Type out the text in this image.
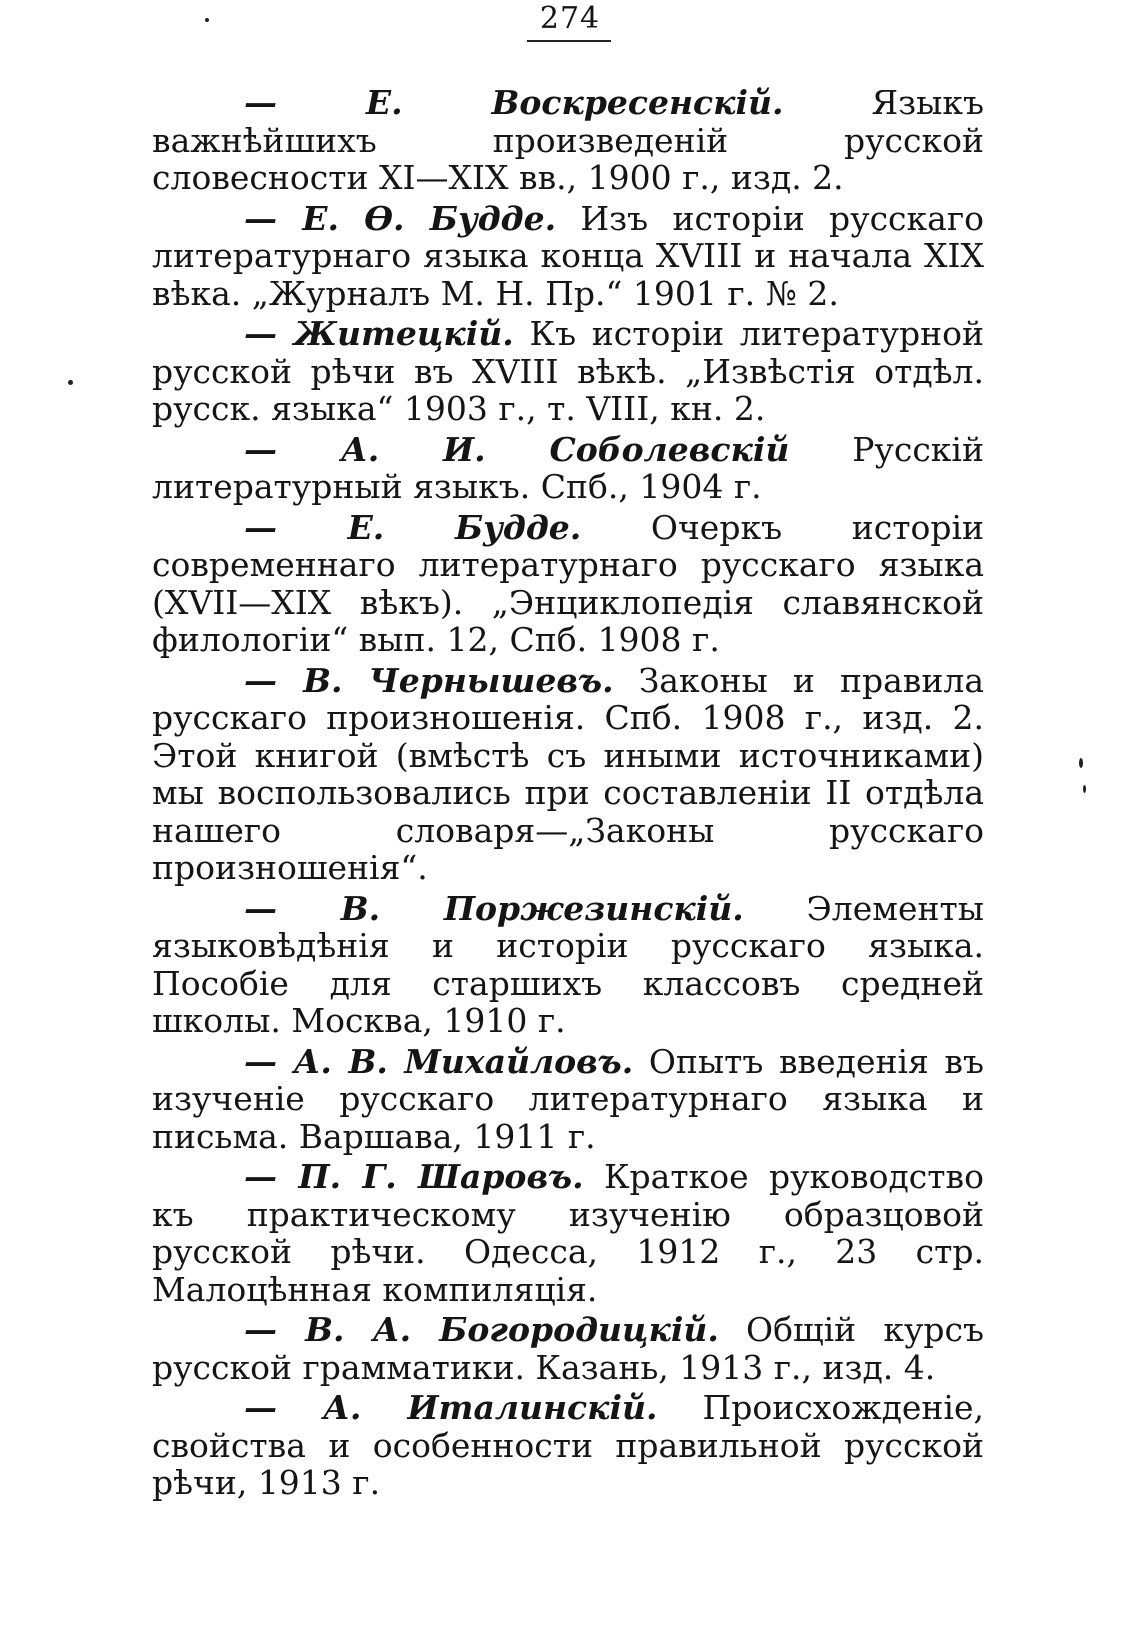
274

— Е. Воскресенскій.	Языкъ важнѣйшихъ произведеній русской словесности XI—XIX вв., 1900 г., изд. 2.

— Е. Ѳ. Будде. Изъ исторіи русскаго литературнаго языка конца XVIII и начала XIX вѣка. „Журналъ М. Н. Пр.“ 1901 г. № 2.

— Житецкій. Къ исторіи литературной русской рѣчи въ XVIII вѣкѣ. „Извѣстія отдѣл. русск. языка“ 1903 г., т. VIII, кн. 2.

— А. И. Соболевскій Русскій литературный языкъ. Спб., 1904 г.

— Е. Будде. Очеркъ исторіи современнаго литературнаго русскаго языка (XVII—XIX вѣкъ). „Энциклопедія славянской филологіи“ вып. 12, Спб. 1908 г.

— В. Чернышевъ. Законы и правила русскаго произношенія. Спб. 1908 г., изд. 2. Этой книгой (вмѣстѣ съ иными источниками) мы воспользовались при составленіи II отдѣла нашего словаря—„Законы русскаго произношенія“.

— В. Поржезинскій. Элементы языковѣдѣнія и исторіи русскаго языка. Пособіе для старшихъ классовъ средней школы. Москва, 1910 г.

— А. В. Михайловъ. Опытъ введенія въ изученіе русскаго литературнаго языка и письма. Варшава, 1911 г.

— П. Г. Шаровъ. Краткое руководство къ практическому изученію образцовой русской рѣчи. Одесса, 1912 г., 23 стр. Малоцѣнная компиляція.

— В. А. Богородицкій. Общій курсъ русской грамматики. Казань, 1913 г., изд. 4.

— А. Италинскій. Происхожденіе, свойства и особенности правильной русской рѣчи, 1913 г.
